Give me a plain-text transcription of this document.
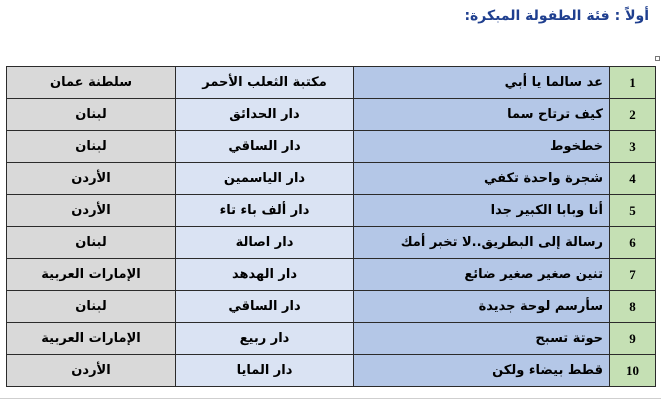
أولاً : فئة الطفولة المبكرة:
1	عد سالما يا أبي	مكتبة الثعلب الأحمر	سلطنة عمان
2	كيف ترتاح سما	دار الحدائق	لبنان
3	خطخوط	دار الساقي	لبنان
4	شجرة واحدة تكفي	دار الياسمين	الأردن
5	أنا وبابا الكبير جدا	دار ألف باء تاء	الأردن
6	رسالة إلى البطريق..لا تخبر أمك	دار اصالة	لبنان
7	تنين صغير صغير ضائع	دار الهدهد	الإمارات العربية
8	سأرسم لوحة جديدة	دار الساقي	لبنان
9	حوتة تسبح	دار ربيع	الإمارات العربية
10	قطط بيضاء ولكن	دار المايا	الأردن
